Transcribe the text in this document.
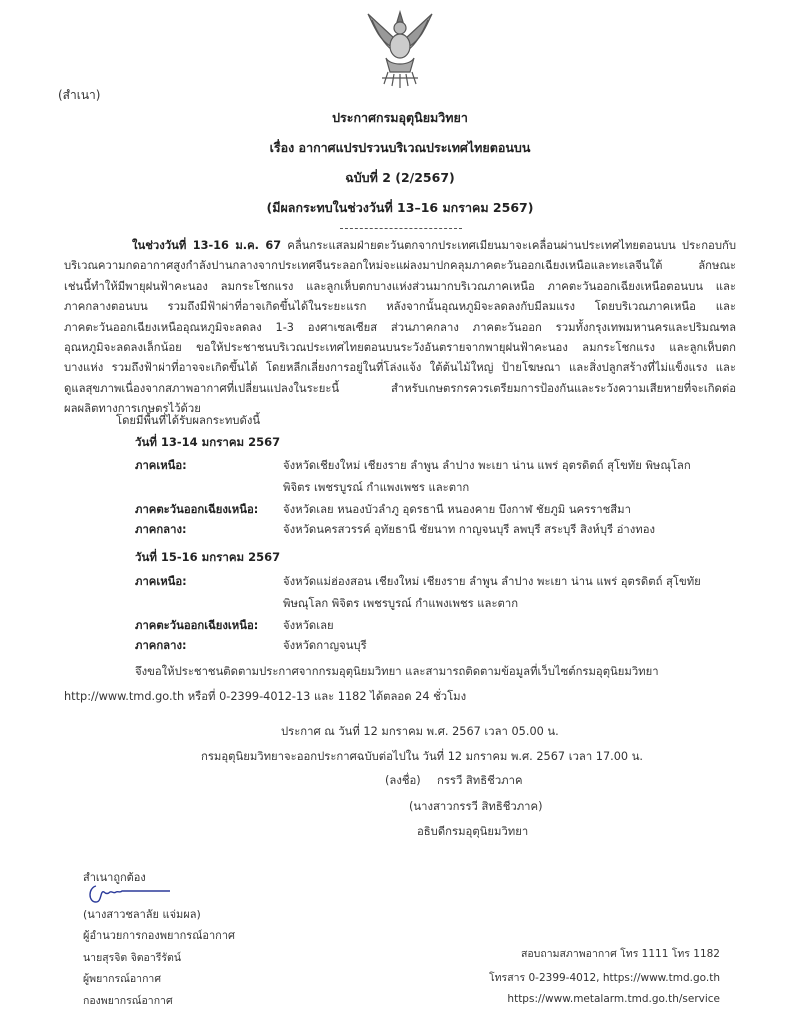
(สำเนา)
ประกาศกรมอุตุนิยมวิทยา
เรื่อง อากาศแปรปรวนบริเวณประเทศไทยตอนบน
ฉบับที่ 2 (2/2567)
(มีผลกระทบในช่วงวันที่ 13–16 มกราคม 2567)
ในช่วงวันที่ 13-16 ม.ค. 67 คลื่นกระแสลมฝ่ายตะวันตกจากประเทศเมียนมาจะเคลื่อนผ่านประเทศไทยตอนบน ประกอบกับ
บริเวณความกดอากาศสูงกำลังปานกลางจากประเทศจีนระลอกใหม่จะแผ่ลงมาปกคลุมภาคตะวันออกเฉียงเหนือและทะเลจีนใต้ ลักษณะ
เช่นนี้ทำให้มีพายุฝนฟ้าคะนอง ลมกระโชกแรง และลูกเห็บตกบางแห่งส่วนมากบริเวณภาคเหนือ ภาคตะวันออกเฉียงเหนือตอนบน และ
ภาคกลางตอนบน รวมถึงมีฟ้าผ่าที่อาจเกิดขึ้นได้ในระยะแรก หลังจากนั้นอุณหภูมิจะลดลงกับมีลมแรง โดยบริเวณภาคเหนือ และ
ภาคตะวันออกเฉียงเหนืออุณหภูมิจะลดลง 1-3 องศาเซลเซียส ส่วนภาคกลาง ภาคตะวันออก รวมทั้งกรุงเทพมหานครและปริมณฑล
อุณหภูมิจะลดลงเล็กน้อย ขอให้ประชาชนบริเวณประเทศไทยตอนบนระวังอันตรายจากพายุฝนฟ้าคะนอง ลมกระโชกแรง และลูกเห็บตก
บางแห่ง รวมถึงฟ้าผ่าที่อาจจะเกิดขึ้นได้ โดยหลีกเลี่ยงการอยู่ในที่โล่งแจ้ง ใต้ต้นไม้ใหญ่ ป้ายโฆษณา และสิ่งปลูกสร้างที่ไม่แข็งแรง และ
ดูแลสุขภาพเนื่องจากสภาพอากาศที่เปลี่ยนแปลงในระยะนี้ สำหรับเกษตรกรควรเตรียมการป้องกันและระวังความเสียหายที่จะเกิดต่อ
ผลผลิตทางการเกษตรไว้ด้วย
โดยมีพื้นที่ได้รับผลกระทบดังนี้
วันที่ 13-14 มกราคม 2567
ภาคเหนือ:	จังหวัดเชียงใหม่ เชียงราย ลำพูน ลำปาง พะเยา น่าน แพร่ อุตรดิตถ์ สุโขทัย พิษณุโลก
พิจิตร เพชรบูรณ์ กำแพงเพชร และตาก
ภาคตะวันออกเฉียงเหนือ: จังหวัดเลย หนองบัวลำภู อุดรธานี หนองคาย บึงกาฬ ชัยภูมิ นครราชสีมา
ภาคกลาง:	จังหวัดนครสวรรค์ อุทัยธานี ชัยนาท กาญจนบุรี ลพบุรี สระบุรี สิงห์บุรี อ่างทอง
วันที่ 15-16 มกราคม 2567
ภาคเหนือ:	จังหวัดแม่ฮ่องสอน เชียงใหม่ เชียงราย ลำพูน ลำปาง พะเยา น่าน แพร่ อุตรดิตถ์ สุโขทัย
พิษณุโลก พิจิตร เพชรบูรณ์ กำแพงเพชร และตาก
ภาคตะวันออกเฉียงเหนือ: จังหวัดเลย
ภาคกลาง:	จังหวัดกาญจนบุรี
จึงขอให้ประชาชนติดตามประกาศจากกรมอุตุนิยมวิทยา และสามารถติดตามข้อมูลที่เว็บไซต์กรมอุตุนิยมวิทยา
http://www.tmd.go.th หรือที่ 0-2399-4012-13 และ 1182 ได้ตลอด 24 ชั่วโมง
ประกาศ ณ วันที่ 12 มกราคม พ.ศ. 2567 เวลา 05.00 น.
กรมอุตุนิยมวิทยาจะออกประกาศฉบับต่อไปใน วันที่ 12 มกราคม พ.ศ. 2567 เวลา 17.00 น.
(ลงชื่อ) กรรวี สิทธิชีวภาค
(นางสาวกรรวี สิทธิชีวภาค)
อธิบดีกรมอุตุนิยมวิทยา
สำเนาถูกต้อง
(นางสาวชลาลัย แจ่มผล)
ผู้อำนวยการกองพยากรณ์อากาศ
นายสุรจิต จิตอารีรัตน์
ผู้พยากรณ์อากาศ
กองพยากรณ์อากาศ
สอบถามสภาพอากาศ โทร 1111 โทร 1182
โทรสาร 0-2399-4012, https://www.tmd.go.th
https://www.metalarm.tmd.go.th/service
